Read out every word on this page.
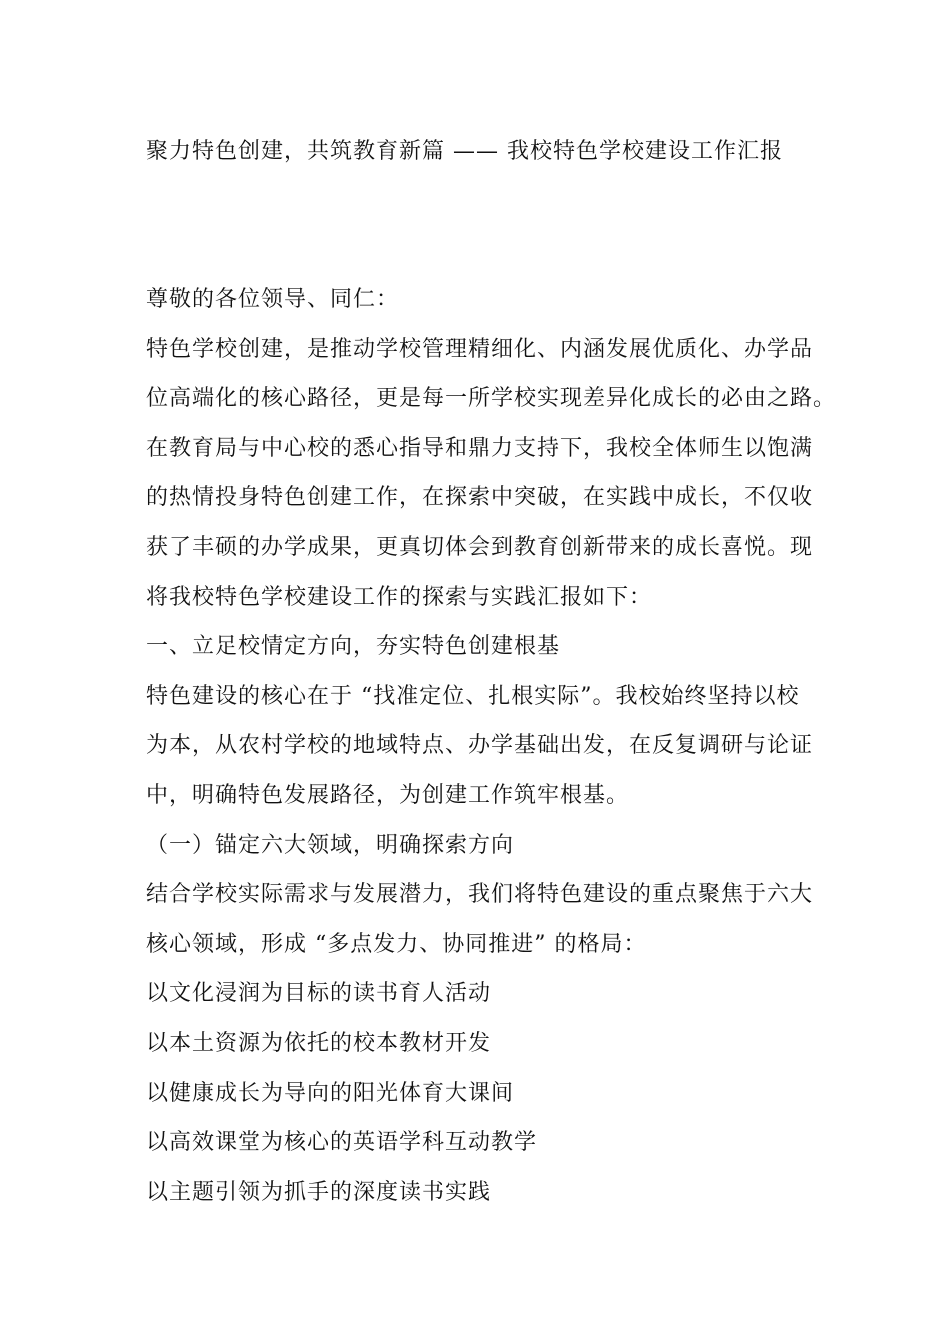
聚力特色创建，共筑教育新篇 —— 我校特色学校建设工作汇报
尊敬的各位领导、同仁：
特色学校创建，是推动学校管理精细化、内涵发展优质化、办学品
位高端化的核心路径，更是每一所学校实现差异化成长的必由之路。
在教育局与中心校的悉心指导和鼎力支持下，我校全体师生以饱满
的热情投身特色创建工作，在探索中突破，在实践中成长，不仅收
获了丰硕的办学成果，更真切体会到教育创新带来的成长喜悦。现
将我校特色学校建设工作的探索与实践汇报如下：
一、立足校情定方向，夯实特色创建根基
特色建设的核心在于 “找准定位、扎根实际”。我校始终坚持以校
为本，从农村学校的地域特点、办学基础出发，在反复调研与论证
中，明确特色发展路径，为创建工作筑牢根基。
（一）锚定六大领域，明确探索方向
结合学校实际需求与发展潜力，我们将特色建设的重点聚焦于六大
核心领域，形成 “多点发力、协同推进” 的格局：
以文化浸润为目标的读书育人活动
以本土资源为依托的校本教材开发
以健康成长为导向的阳光体育大课间
以高效课堂为核心的英语学科互动教学
以主题引领为抓手的深度读书实践
